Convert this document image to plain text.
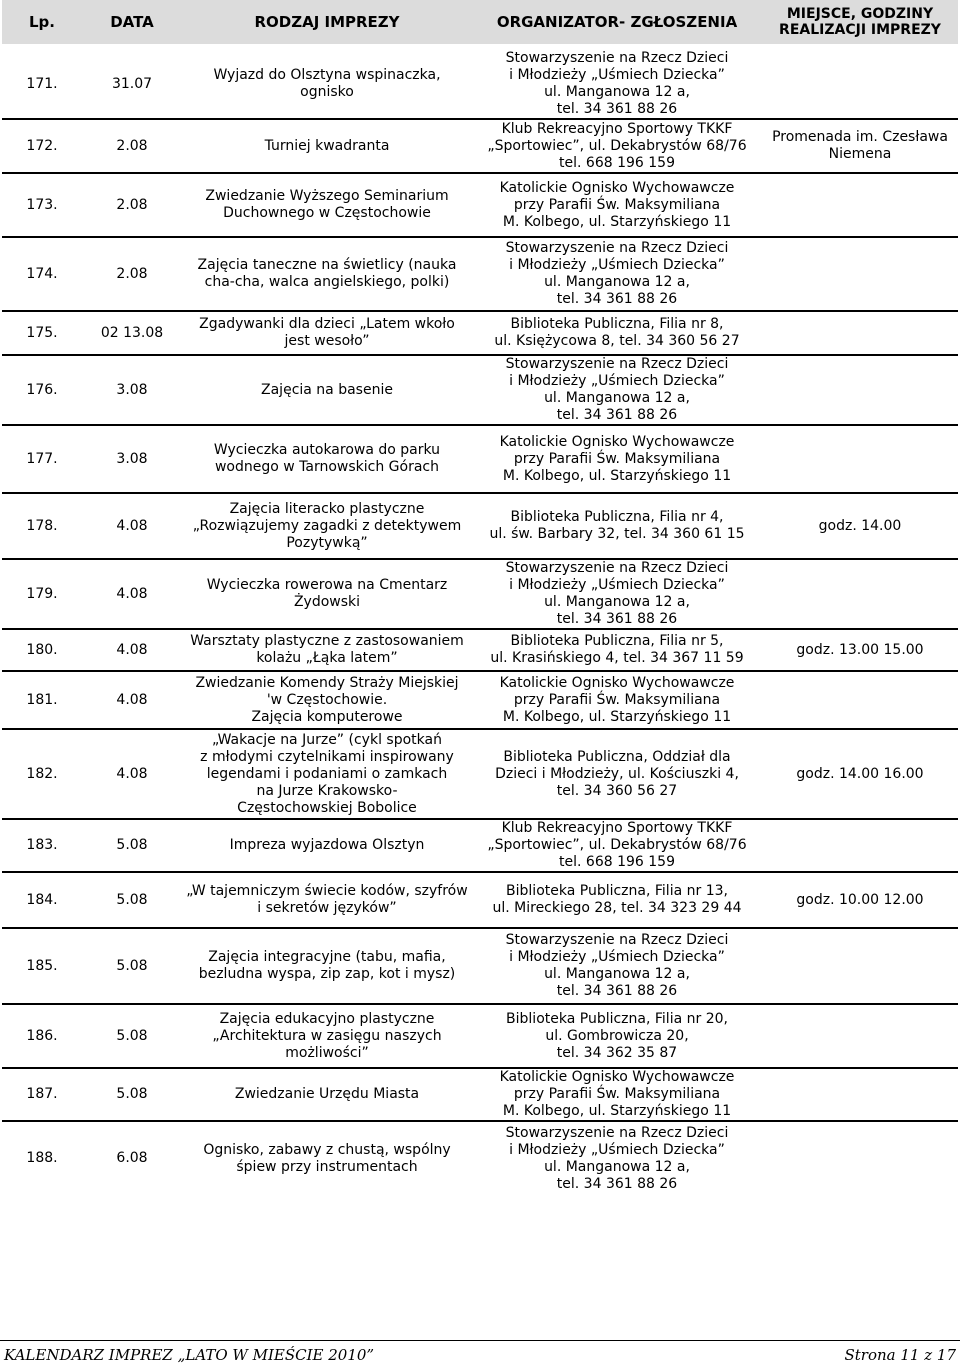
Lp.	DATA	RODZAJ IMPREZY	ORGANIZATOR- ZGŁOSZENIA	MIEJSCE, GODZINY
REALIZACJI IMPREZY
171.	31.07	Wyjazd do Olsztyna wspinaczka,
ognisko	Stowarzyszenie na Rzecz Dzieci
i Młodzieży „Uśmiech Dziecka”
ul. Manganowa 12 a,
tel. 34 361 88 26	
172.	2.08	Turniej kwadranta	Klub Rekreacyjno Sportowy TKKF
„Sportowiec”, ul. Dekabrystów 68/76
tel. 668 196 159	Promenada im. Czesława
Niemena
173.	2.08	Zwiedzanie Wyższego Seminarium
Duchownego w Częstochowie	Katolickie Ognisko Wychowawcze
przy Parafii Św. Maksymiliana
M. Kolbego, ul. Starzyńskiego 11	
174.	2.08	Zajęcia taneczne na świetlicy (nauka
cha-cha, walca angielskiego, polki)	Stowarzyszenie na Rzecz Dzieci
i Młodzieży „Uśmiech Dziecka”
ul. Manganowa 12 a,
tel. 34 361 88 26	
175.	02 13.08	Zgadywanki dla dzieci „Latem wkoło
jest wesoło”	Biblioteka Publiczna, Filia nr 8,
ul. Księżycowa 8, tel. 34 360 56 27	
176.	3.08	Zajęcia na basenie	Stowarzyszenie na Rzecz Dzieci
i Młodzieży „Uśmiech Dziecka”
ul. Manganowa 12 a,
tel. 34 361 88 26	
177.	3.08	Wycieczka autokarowa do parku
wodnego w Tarnowskich Górach	Katolickie Ognisko Wychowawcze
przy Parafii Św. Maksymiliana
M. Kolbego, ul. Starzyńskiego 11	
178.	4.08	Zajęcia literacko plastyczne
„Rozwiązujemy zagadki z detektywem
Pozytywką”	Biblioteka Publiczna, Filia nr 4,
ul. św. Barbary 32, tel. 34 360 61 15	godz. 14.00
179.	4.08	Wycieczka rowerowa na Cmentarz
Żydowski	Stowarzyszenie na Rzecz Dzieci
i Młodzieży „Uśmiech Dziecka”
ul. Manganowa 12 a,
tel. 34 361 88 26	
180.	4.08	Warsztaty plastyczne z zastosowaniem
kolażu „Łąka latem”	Biblioteka Publiczna, Filia nr 5,
ul. Krasińskiego 4, tel. 34 367 11 59	godz. 13.00 15.00
181.	4.08	Zwiedzanie Komendy Straży Miejskiej
'w Częstochowie.
Zajęcia komputerowe	Katolickie Ognisko Wychowawcze
przy Parafii Św. Maksymiliana
M. Kolbego, ul. Starzyńskiego 11	
182.	4.08	„Wakacje na Jurze” (cykl spotkań
z młodymi czytelnikami inspirowany
legendami i podaniami o zamkach
na Jurze Krakowsko-
Częstochowskiej Bobolice	Biblioteka Publiczna, Oddział dla
Dzieci i Młodzieży, ul. Kościuszki 4,
tel. 34 360 56 27	godz. 14.00 16.00
183.	5.08	Impreza wyjazdowa Olsztyn	Klub Rekreacyjno Sportowy TKKF
„Sportowiec”, ul. Dekabrystów 68/76
tel. 668 196 159	
184.	5.08	„W tajemniczym świecie kodów, szyfrów
i sekretów języków”	Biblioteka Publiczna, Filia nr 13,
ul. Mireckiego 28, tel. 34 323 29 44	godz. 10.00 12.00
185.	5.08	Zajęcia integracyjne (tabu, mafia,
bezludna wyspa, zip zap, kot i mysz)	Stowarzyszenie na Rzecz Dzieci
i Młodzieży „Uśmiech Dziecka”
ul. Manganowa 12 a,
tel. 34 361 88 26	
186.	5.08	Zajęcia edukacyjno plastyczne
„Architektura w zasięgu naszych
możliwości”	Biblioteka Publiczna, Filia nr 20,
ul. Gombrowicza 20,
tel. 34 362 35 87	
187.	5.08	Zwiedzanie Urzędu Miasta	Katolickie Ognisko Wychowawcze
przy Parafii Św. Maksymiliana
M. Kolbego, ul. Starzyńskiego 11	
188.	6.08	Ognisko, zabawy z chustą, wspólny
śpiew przy instrumentach	Stowarzyszenie na Rzecz Dzieci
i Młodzieży „Uśmiech Dziecka”
ul. Manganowa 12 a,
tel. 34 361 88 26	
KALENDARZ IMPREZ „LATO W MIEŚCIE 2010”	Strona 11 z 17
